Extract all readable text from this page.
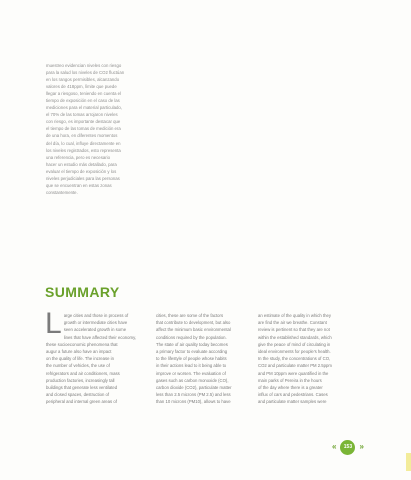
muestreo evidencian niveles con riesgo
para la salud los niveles de CO2 fluctúan
en los rangos permisibles, alcanzando
valores de 418ppm, límite que puede
llegar a riesgoso, teniendo en cuenta el
tiempo de exposición en el caso de las
mediciones para el material particulado,
el 70% de las tomas arrojaron niveles
con riesgo, es importante destacar que
el tiempo de las tomas de medición era
de una hora, en diferentes momentos
del día, lo cual, influye directamente en
los niveles registrados, esto representa
una referencia, pero es necesario
hacer un estudio más detallado, para
evaluar el tiempo de exposición y los
niveles perjudiciales para las personas
que se encuentran en estas zonas
constantemente.
SUMMARY
L arge cities and those in process of
growth or intermediate cities have
seen accelerated growth in some
lines that have affected their economy,
these socioeconomic phenomena that
augur a future also have an impact
on the quality of life. The increase in
the number of vehicles, the use of
refrigerators and air conditioners, mass
production factories, increasingly tall
buildings that generate less ventilated
and closed spaces, destruction of
peripheral and internal green areas of
cities, these are some of the factors
that contribute to development, but also
affect the minimum basic environmental
conditions required by the population.
The state of air quality today becomes
a primary factor to evaluate according
to the lifestyle of people whose habits
in their actions lead to it being able to
improve or worsen. The evaluation of
gases such as carbon monoxide (CO),
carbon dioxide (CO2), particulate matter
less than 2.5 microns (PM 2.5) and less
than 10 microns (PM10), allows to have
an estimate of the quality in which they
are find the air we breathe. Constant
review is pertinent so that they are not
within the established standards, which
give the peace of mind of circulating in
ideal environments for people's health.
In the study, the concentrations of CO,
CO2 and particulate matter PM 2.5ppm
and PM 10ppm were quantified in the
main parks of Pereira in the hours
of the day where there is a greater
influx of cars and pedestrians. Cases
and particulate matter samples were
«	153 »
